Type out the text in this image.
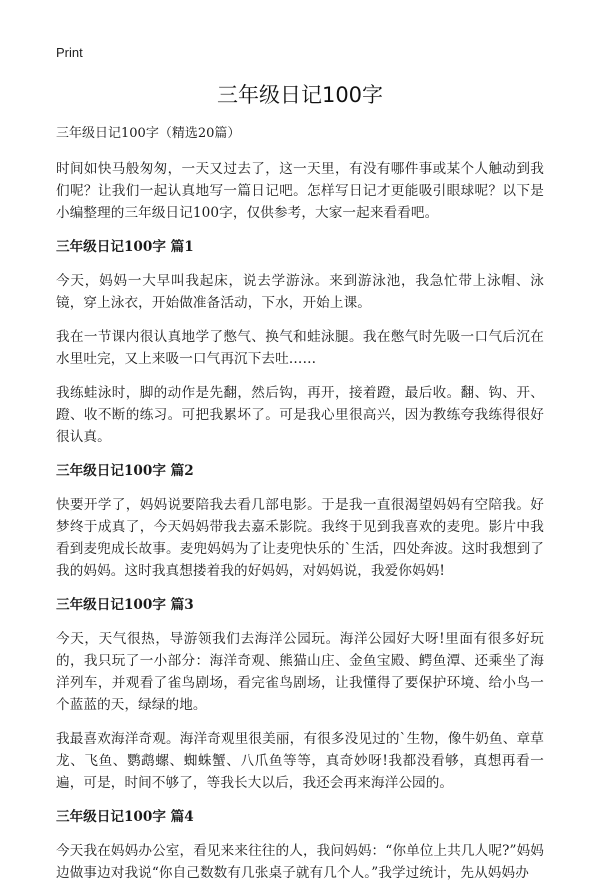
Print
三年级日记100字

三年级日记100字（精选20篇）

时间如快马般匆匆，一天又过去了，这一天里，有没有哪件事或某个人触动到我们呢？让我们一起认真地写一篇日记吧。怎样写日记才更能吸引眼球呢？以下是小编整理的三年级日记100字，仅供参考，大家一起来看看吧。

三年级日记100字 篇1

今天，妈妈一大早叫我起床，说去学游泳。来到游泳池，我急忙带上泳帽、泳镜，穿上泳衣，开始做准备活动，下水，开始上课。

我在一节课内很认真地学了憋气、换气和蛙泳腿。我在憋气时先吸一口气后沉在水里吐完，又上来吸一口气再沉下去吐……

我练蛙泳时，脚的动作是先翻，然后钩，再开，接着蹬，最后收。翻、钩、开、蹬、收不断的练习。可把我累坏了。可是我心里很高兴，因为教练夸我练得很好很认真。

三年级日记100字 篇2

快要开学了，妈妈说要陪我去看几部电影。于是我一直很渴望妈妈有空陪我。好梦终于成真了，今天妈妈带我去嘉禾影院。我终于见到我喜欢的麦兜。影片中我看到麦兜成长故事。麦兜妈妈为了让麦兜快乐的`生活，四处奔波。这时我想到了我的妈妈。这时我真想搂着我的好妈妈，对妈妈说，我爱你妈妈!

三年级日记100字 篇3

今天，天气很热，导游领我们去海洋公园玩。海洋公园好大呀!里面有很多好玩的，我只玩了一小部分：海洋奇观、熊猫山庄、金鱼宝殿、鳄鱼潭、还乘坐了海洋列车，并观看了雀鸟剧场，看完雀鸟剧场，让我懂得了要保护环境、给小鸟一个蓝蓝的天，绿绿的地。

我最喜欢海洋奇观。海洋奇观里很美丽，有很多没见过的`生物，像牛奶鱼、章草龙、飞鱼、鹦鹉螺、蜘蛛蟹、八爪鱼等等，真奇妙呀!我都没看够，真想再看一遍，可是，时间不够了，等我长大以后，我还会再来海洋公园的。

三年级日记100字 篇4

今天我在妈妈办公室，看见来来往往的人，我问妈妈：“你单位上共几人呢?”妈妈边做事边对我说“你自己数数有几张桌子就有几个人。”我学过统计，先从妈妈办
